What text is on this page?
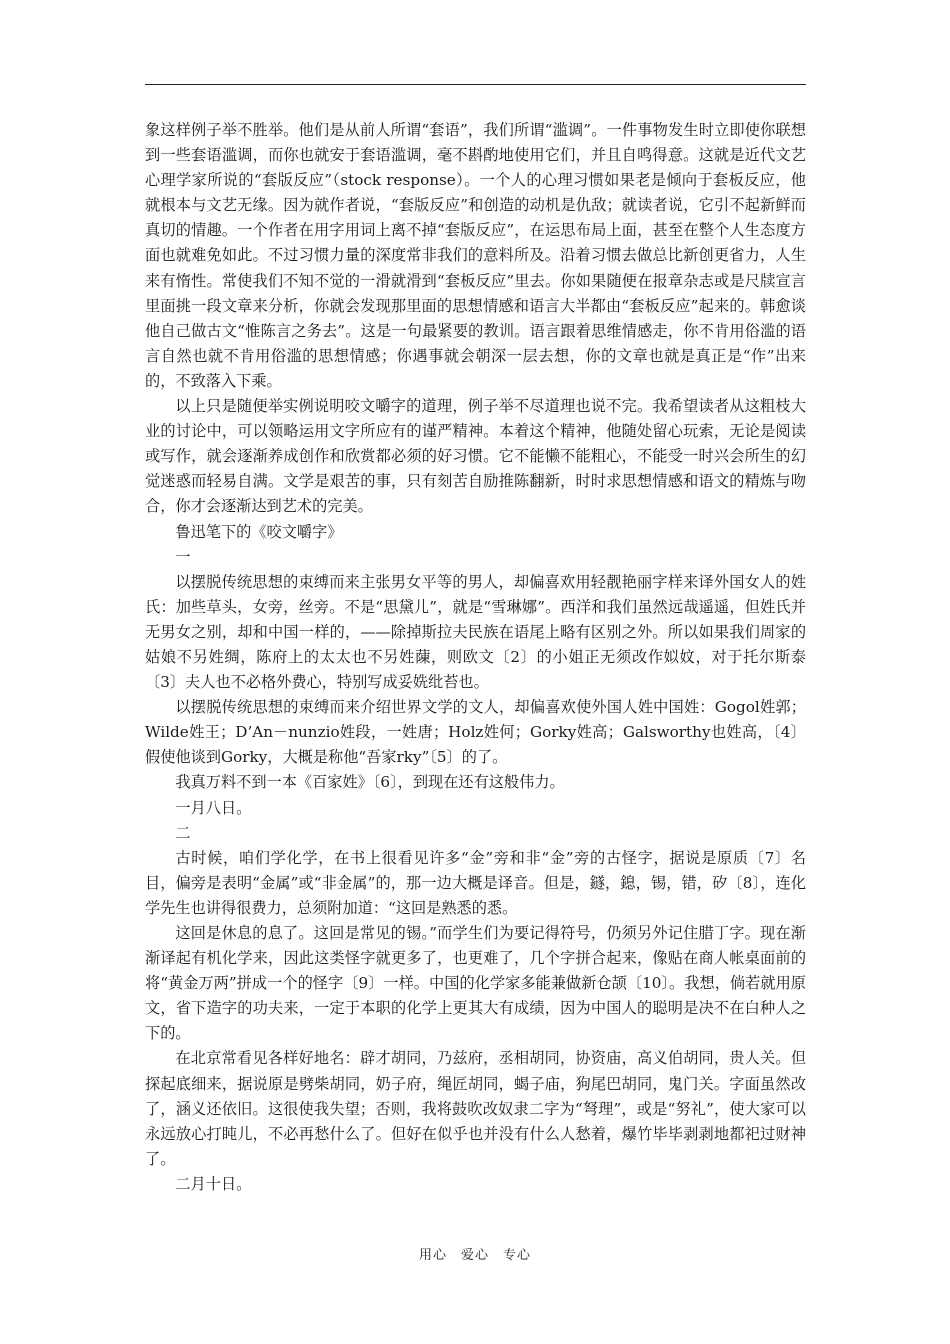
象这样例子举不胜举。他们是从前人所谓“套语”，我们所谓“滥调”。一件事物发生时立即使你联想到一些套语滥调，而你也就安于套语滥调，毫不斟酌地使用它们，并且自鸣得意。这就是近代文艺心理学家所说的“套版反应”（stock response）。一个人的心理习惯如果老是倾向于套板反应，他就根本与文艺无缘。因为就作者说，“套版反应”和创造的动机是仇敌；就读者说，它引不起新鲜而真切的情趣。一个作者在用字用词上离不掉“套版反应”，在运思布局上面，甚至在整个人生态度方面也就难免如此。不过习惯力量的深度常非我们的意料所及。沿着习惯去做总比新创更省力，人生来有惰性。常使我们不知不觉的一滑就滑到“套板反应”里去。你如果随便在报章杂志或是尺牍宣言里面挑一段文章来分析，你就会发现那里面的思想情感和语言大半都由“套板反应”起来的。韩愈谈他自己做古文“惟陈言之务去”。这是一句最紧要的教训。语言跟着思维情感走，你不肯用俗滥的语言自然也就不肯用俗滥的思想情感；你遇事就会朝深一层去想，你的文章也就是真正是“作”出来的，不致落入下乘。

以上只是随便举实例说明咬文嚼字的道理，例子举不尽道理也说不完。我希望读者从这粗枝大业的讨论中，可以领略运用文字所应有的谨严精神。本着这个精神，他随处留心玩索，无论是阅读或写作，就会逐渐养成创作和欣赏都必须的好习惯。它不能懒不能粗心，不能受一时兴会所生的幻觉迷惑而轻易自满。文学是艰苦的事，只有刻苦自励推陈翻新，时时求思想情感和语文的精炼与吻合，你才会逐渐达到艺术的完美。

鲁迅笔下的《咬文嚼字》

一

以摆脱传统思想的束缚而来主张男女平等的男人，却偏喜欢用轻靓艳丽字样来译外国女人的姓氏：加些草头，女旁，丝旁。不是“思黛儿”，就是“雪琳娜”。西洋和我们虽然远哉遥遥，但姓氏并无男女之别，却和中国一样的，——除掉斯拉夫民族在语尾上略有区别之外。所以如果我们周家的姑娘不另姓绸，陈府上的太太也不另姓蔯，则欧文〔2〕的小姐正无须改作姒妏，对于托尔斯泰〔3〕夫人也不必格外费心，特别写成妥姺纰苔也。

以摆脱传统思想的束缚而来介绍世界文学的文人，却偏喜欢使外国人姓中国姓：Gogol姓郭；Wilde姓王；D’An－nunzio姓段，一姓唐；Holz姓何；Gorky姓高；Galsworthy也姓高，〔4〕假使他谈到Gorky，大概是称他“吾家rky”〔5〕的了。

我真万料不到一本《百家姓》〔6〕，到现在还有这般伟力。

一月八日。

二

古时候，咱们学化学，在书上很看见许多“金”旁和非“金”旁的古怪字，据说是原质〔7〕名目，偏旁是表明“金属”或“非金属”的，那一边大概是译音。但是，鐩，鎴，锡，错，矽〔8〕，连化学先生也讲得很费力，总须附加道：“这回是熟悉的悉。

这回是休息的息了。这回是常见的锡。”而学生们为要记得符号，仍须另外记住腊丁字。现在渐渐译起有机化学来，因此这类怪字就更多了，也更难了，几个字拼合起来，像贴在商人帐桌面前的将“黄金万两”拼成一个的怪字〔9〕一样。中国的化学家多能兼做新仓颉〔10〕。我想，倘若就用原文，省下造字的功夫来，一定于本职的化学上更其大有成绩，因为中国人的聪明是决不在白种人之下的。

在北京常看见各样好地名：辟才胡同，乃兹府，丞相胡同，协资庙，高义伯胡同，贵人关。但探起底细来，据说原是劈柴胡同，奶子府，绳匠胡同，蝎子庙，狗尾巴胡同，鬼门关。字面虽然改了，涵义还依旧。这很使我失望；否则，我将鼓吹改奴隶二字为“弩理”，或是“努礼”，使大家可以永远放心打盹儿，不必再愁什么了。但好在似乎也并没有什么人愁着，爆竹毕毕剥剥地都祀过财神了。

二月十日。

用心　爱心　专心
